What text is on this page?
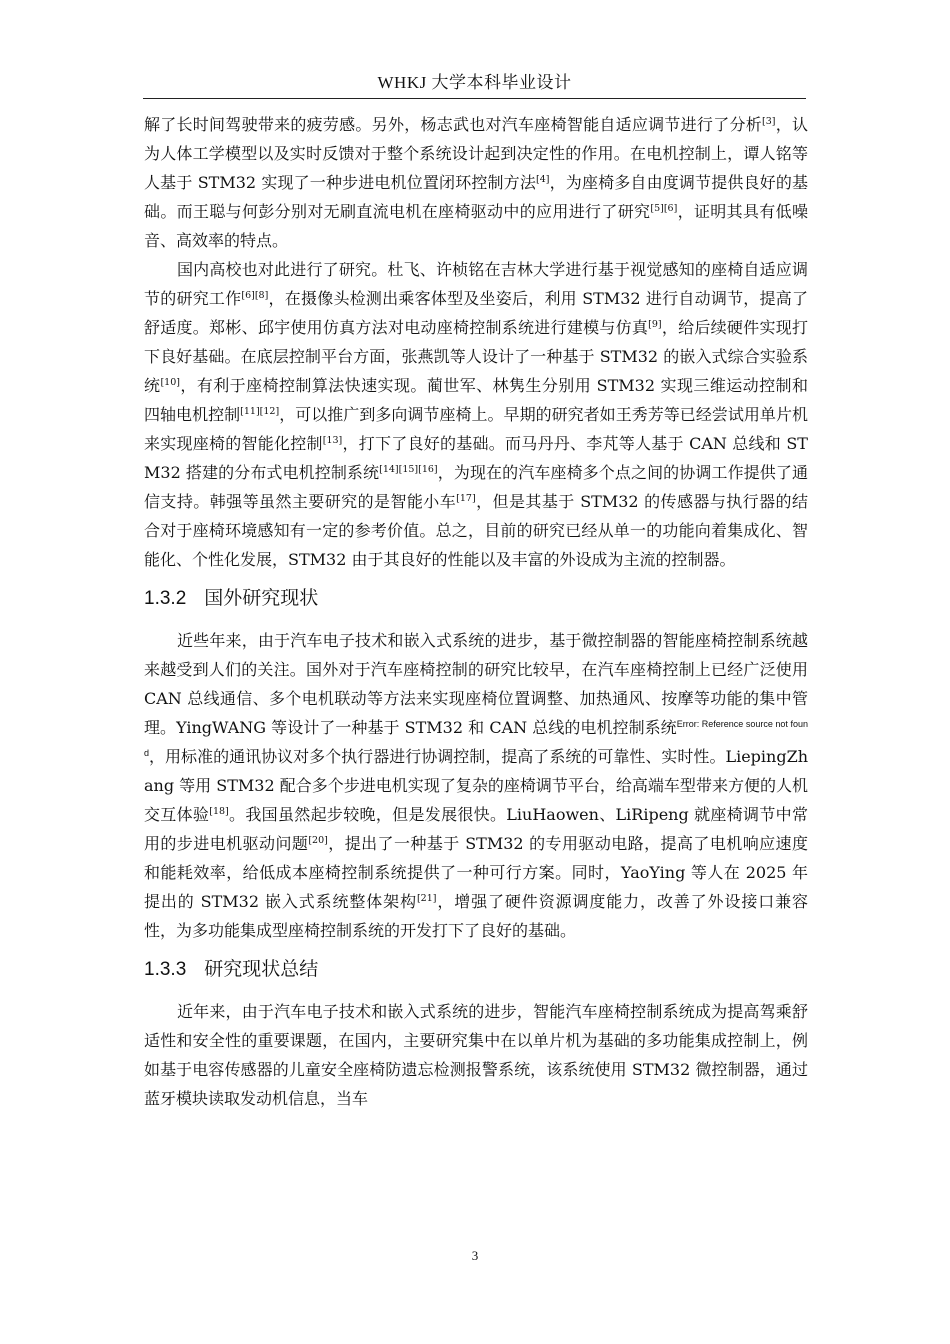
WHKJ 大学本科毕业设计

解了长时间驾驶带来的疲劳感。另外，杨志武也对汽车座椅智能自适应调节进行了分析[3]，认为人体工学模型以及实时反馈对于整个系统设计起到决定性的作用。在电机控制上，谭人铭等人基于 STM32 实现了一种步进电机位置闭环控制方法[4]，为座椅多自由度调节提供良好的基础。而王聪与何彭分别对无刷直流电机在座椅驱动中的应用进行了研究[5][6]，证明其具有低噪音、高效率的特点。

国内高校也对此进行了研究。杜飞、许桢铭在吉林大学进行基于视觉感知的座椅自适应调节的研究工作[6][8]，在摄像头检测出乘客体型及坐姿后，利用 STM32 进行自动调节，提高了舒适度。郑彬、邱宇使用仿真方法对电动座椅控制系统进行建模与仿真[9]，给后续硬件实现打下良好基础。在底层控制平台方面，张燕凯等人设计了一种基于 STM32 的嵌入式综合实验系统[10]，有利于座椅控制算法快速实现。蔺世军、林隽生分别用 STM32 实现三维运动控制和四轴电机控制[11][12]，可以推广到多向调节座椅上。早期的研究者如王秀芳等已经尝试用单片机来实现座椅的智能化控制[13]，打下了良好的基础。而马丹丹、李芃等人基于 CAN 总线和 STM32 搭建的分布式电机控制系统[14][15][16]，为现在的汽车座椅多个点之间的协调工作提供了通信支持。韩强等虽然主要研究的是智能小车[17]，但是其基于 STM32 的传感器与执行器的结合对于座椅环境感知有一定的参考价值。总之，目前的研究已经从单一的功能向着集成化、智能化、个性化发展，STM32 由于其良好的性能以及丰富的外设成为主流的控制器。

1.3.2 国外研究现状

近些年来，由于汽车电子技术和嵌入式系统的进步，基于微控制器的智能座椅控制系统越来越受到人们的关注。国外对于汽车座椅控制的研究比较早，在汽车座椅控制上已经广泛使用 CAN 总线通信、多个电机联动等方法来实现座椅位置调整、加热通风、按摩等功能的集中管理。YingWANG 等设计了一种基于 STM32 和 CAN 总线的电机控制系统$^{Error: Reference source not found}$，用标准的通讯协议对多个执行器进行协调控制，提高了系统的可靠性、实时性。LiepingZhang 等用 STM32 配合多个步进电机实现了复杂的座椅调节平台，给高端车型带来方便的人机交互体验[18]。我国虽然起步较晚，但是发展很快。LiuHaowen、LiRipeng 就座椅调节中常用的步进电机驱动问题[20]，提出了一种基于 STM32 的专用驱动电路，提高了电机响应速度和能耗效率，给低成本座椅控制系统提供了一种可行方案。同时，YaoYing 等人在 2025 年提出的 STM32 嵌入式系统整体架构[21]，增强了硬件资源调度能力，改善了外设接口兼容性，为多功能集成型座椅控制系统的开发打下了良好的基础。

1.3.3 研究现状总结

近年来，由于汽车电子技术和嵌入式系统的进步，智能汽车座椅控制系统成为提高驾乘舒适性和安全性的重要课题，在国内，主要研究集中在以单片机为基础的多功能集成控制上，例如基于电容传感器的儿童安全座椅防遗忘检测报警系统，该系统使用 STM32 微控制器，通过蓝牙模块读取发动机信息，当车

3
